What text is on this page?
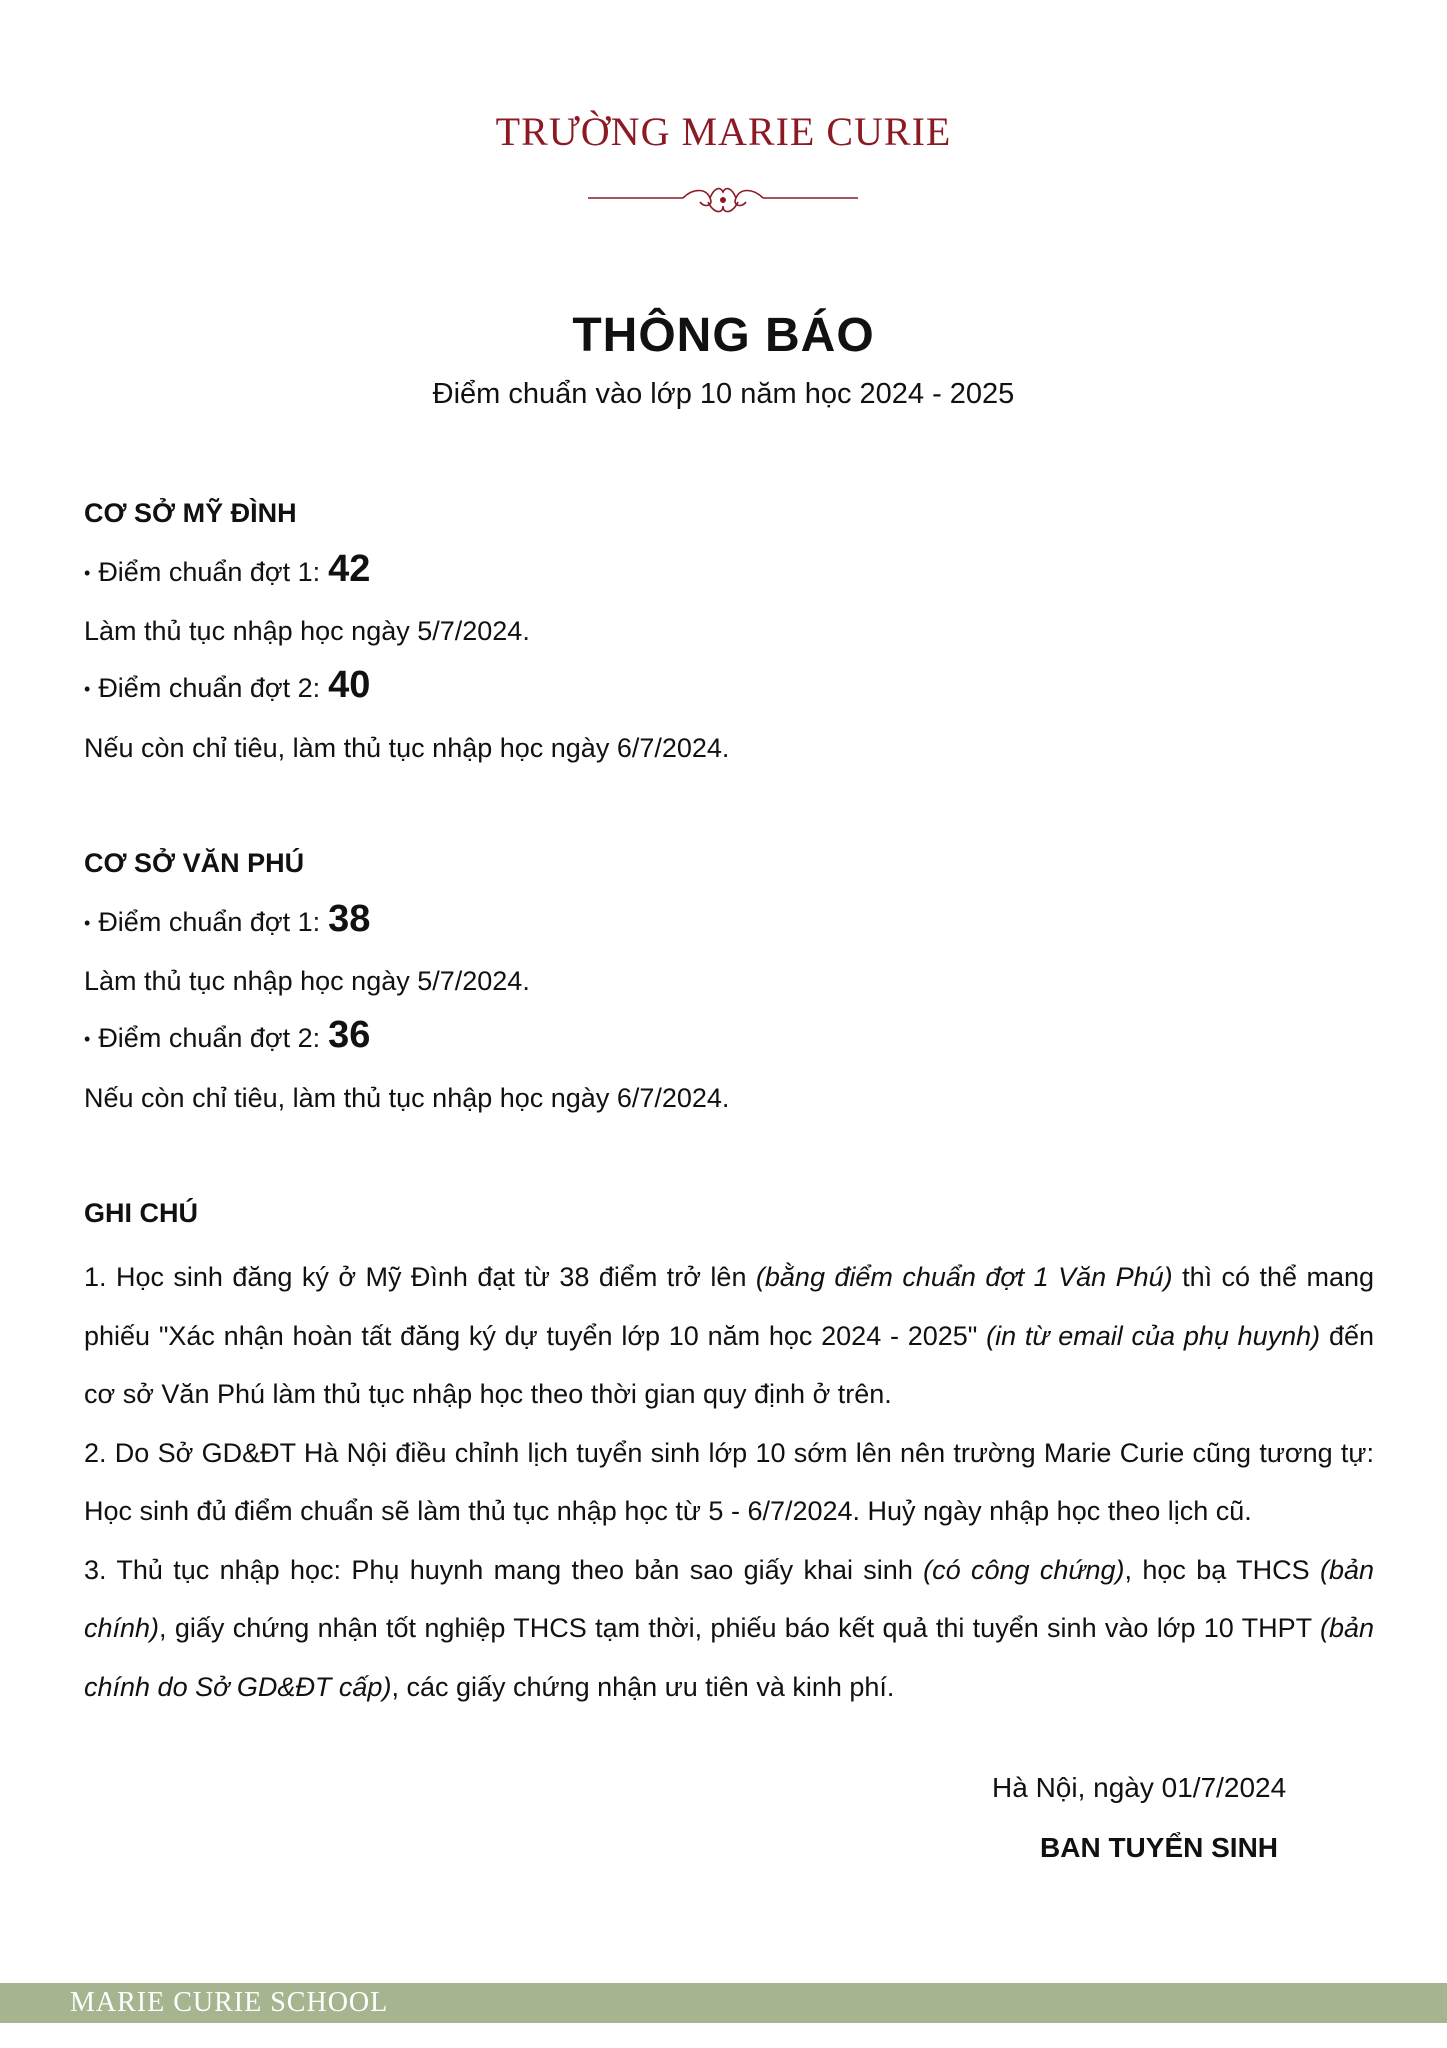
TRƯỜNG MARIE CURIE
THÔNG BÁO
Điểm chuẩn vào lớp 10 năm học 2024 - 2025
CƠ SỞ MỸ ĐÌNH
• Điểm chuẩn đợt 1: 42
Làm thủ tục nhập học ngày 5/7/2024.
• Điểm chuẩn đợt 2: 40
Nếu còn chỉ tiêu, làm thủ tục nhập học ngày 6/7/2024.
CƠ SỞ VĂN PHÚ
• Điểm chuẩn đợt 1: 38
Làm thủ tục nhập học ngày 5/7/2024.
• Điểm chuẩn đợt 2: 36
Nếu còn chỉ tiêu, làm thủ tục nhập học ngày 6/7/2024.
GHI CHÚ

1. Học sinh đăng ký ở Mỹ Đình đạt từ 38 điểm trở lên (bằng điểm chuẩn đợt 1 Văn Phú) thì có thể mang phiếu "Xác nhận hoàn tất đăng ký dự tuyển lớp 10 năm học 2024 - 2025" (in từ email của phụ huynh) đến cơ sở Văn Phú làm thủ tục nhập học theo thời gian quy định ở trên.

2. Do Sở GD&ĐT Hà Nội điều chỉnh lịch tuyển sinh lớp 10 sớm lên nên trường Marie Curie cũng tương tự: Học sinh đủ điểm chuẩn sẽ làm thủ tục nhập học từ 5 - 6/7/2024. Huỷ ngày nhập học theo lịch cũ.

3. Thủ tục nhập học: Phụ huynh mang theo bản sao giấy khai sinh (có công chứng), học bạ THCS (bản chính), giấy chứng nhận tốt nghiệp THCS tạm thời, phiếu báo kết quả thi tuyển sinh vào lớp 10 THPT (bản chính do Sở GD&ĐT cấp), các giấy chứng nhận ưu tiên và kinh phí.

Hà Nội, ngày 01/7/2024
BAN TUYỂN SINH
MARIE CURIE SCHOOL
